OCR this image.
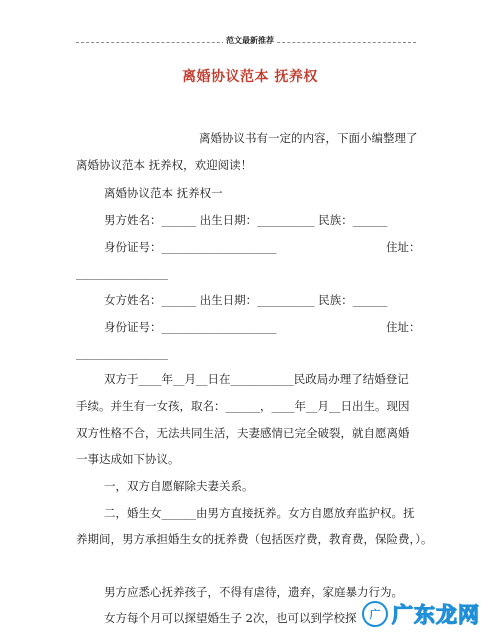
范文最新推荐
离婚协议范本 抚养权
离婚协议书有一定的内容，下面小编整理了
离婚协议范本 抚养权，欢迎阅读！
离婚协议范本 抚养权一
男方姓名：______ 出生日期：__________ 民族：______
身份证号：____________________	住址：
________________
女方姓名：______ 出生日期：__________ 民族：______
身份证号：____________________	住址：
________________
双方于____年__月__日在___________民政局办理了结婚登记
手续。并生有一女孩，取名：______，____年__月__日出生。现因
双方性格不合，无法共同生活，夫妻感情已完全破裂，就自愿离婚
一事达成如下协议。
一，双方自愿解除夫妻关系。
二，婚生女______由男方直接抚养。女方自愿放弃监护权。抚
养期间，男方承担婚生女的抚养费（包括医疗费，教育费，保险费，）。
男方应悉心抚养孩子，不得有虐待，遗弃，家庭暴力行为。
女方每个月可以探望婚生子 2次，也可以到学校探	广 广东龙网
